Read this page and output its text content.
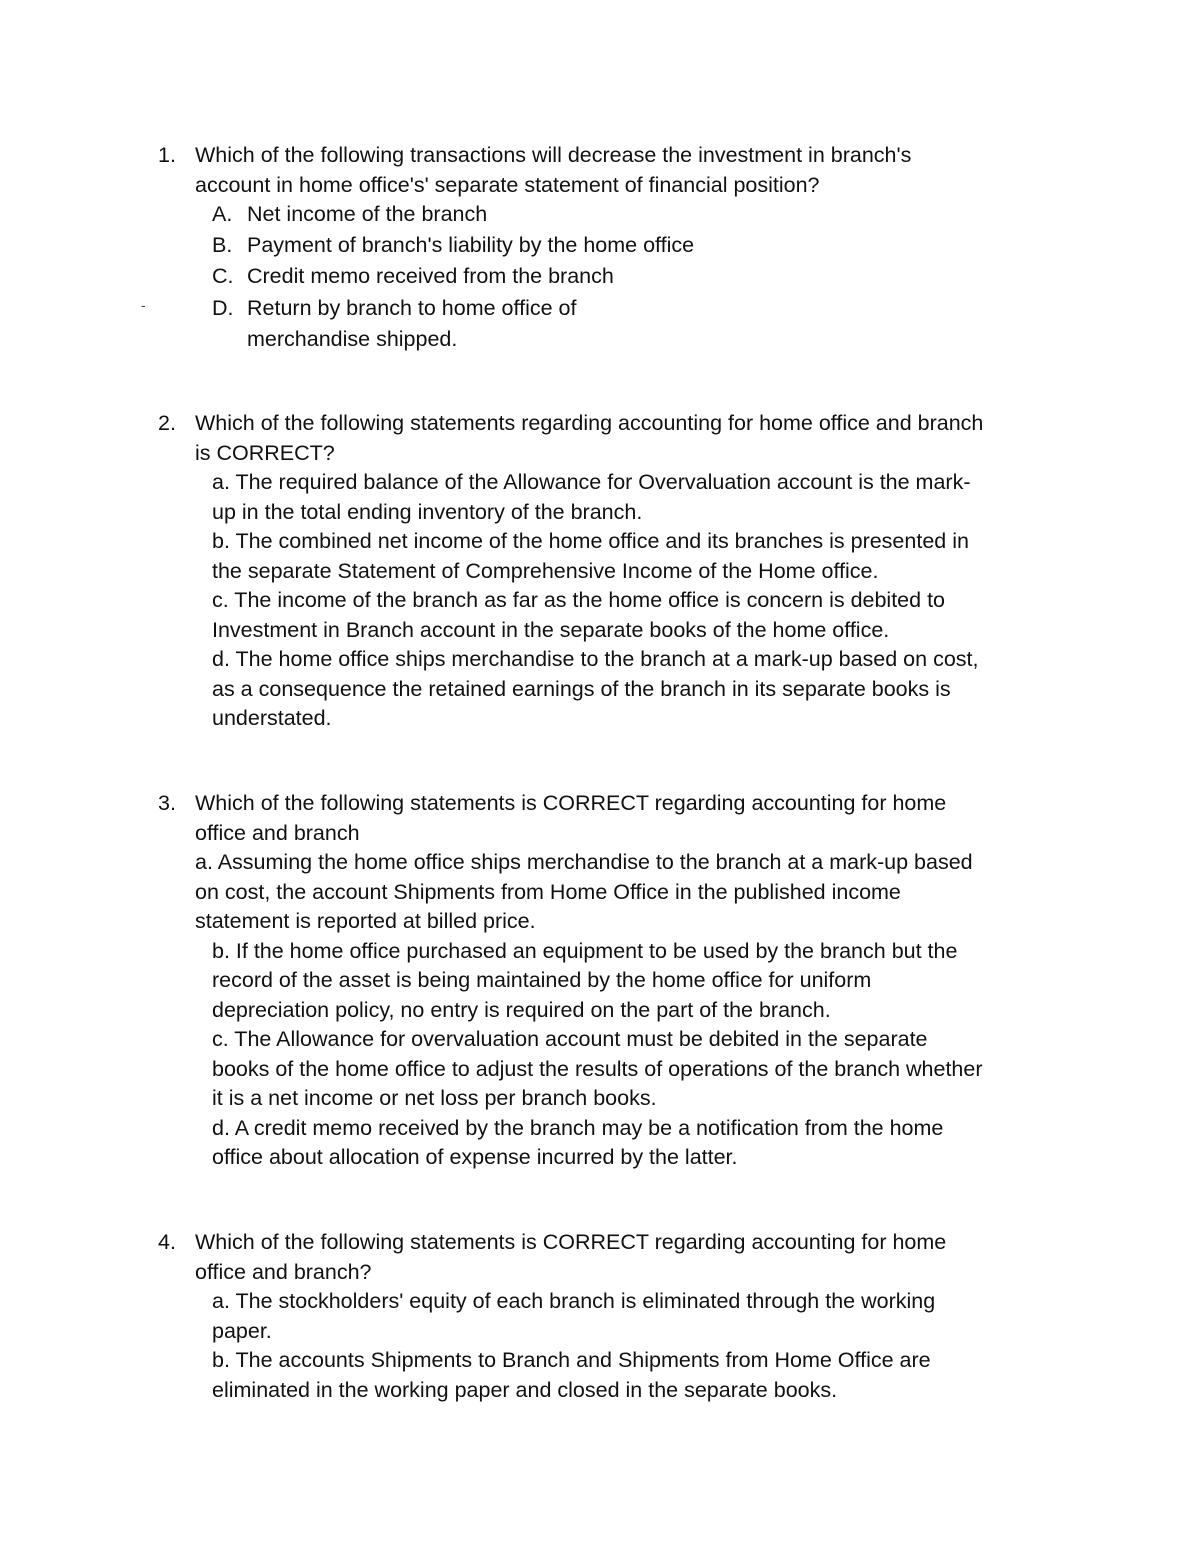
-
1. Which of the following transactions will decrease the investment in branch's
account in home office's' separate statement of financial position?
A. Net income of the branch
B. Payment of branch's liability by the home office
C. Credit memo received from the branch
D. Return by branch to home office of
merchandise shipped.
2. Which of the following statements regarding accounting for home office and branch
is CORRECT?
a. The required balance of the Allowance for Overvaluation account is the mark-
up in the total ending inventory of the branch.
b. The combined net income of the home office and its branches is presented in
the separate Statement of Comprehensive Income of the Home office.
c. The income of the branch as far as the home office is concern is debited to
Investment in Branch account in the separate books of the home office.
d. The home office ships merchandise to the branch at a mark-up based on cost,
as a consequence the retained earnings of the branch in its separate books is
understated.
3. Which of the following statements is CORRECT regarding accounting for home
office and branch
a. Assuming the home office ships merchandise to the branch at a mark-up based
on cost, the account Shipments from Home Office in the published income
statement is reported at billed price.
b. If the home office purchased an equipment to be used by the branch but the
record of the asset is being maintained by the home office for uniform
depreciation policy, no entry is required on the part of the branch.
c. The Allowance for overvaluation account must be debited in the separate
books of the home office to adjust the results of operations of the branch whether
it is a net income or net loss per branch books.
d. A credit memo received by the branch may be a notification from the home
office about allocation of expense incurred by the latter.
4. Which of the following statements is CORRECT regarding accounting for home
office and branch?
a. The stockholders' equity of each branch is eliminated through the working
paper.
b. The accounts Shipments to Branch and Shipments from Home Office are
eliminated in the working paper and closed in the separate books.
